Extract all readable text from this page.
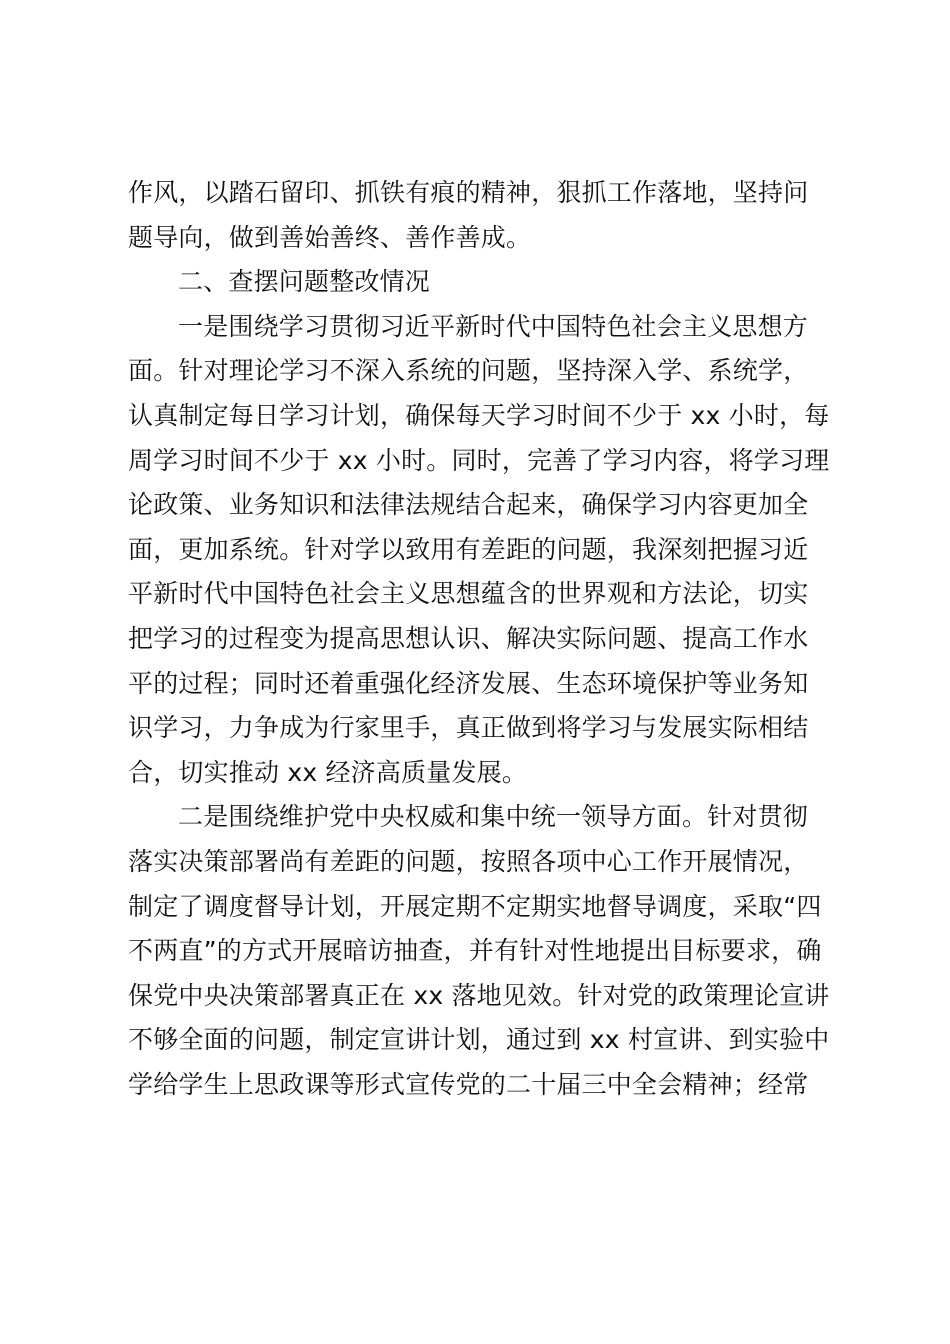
作风，以踏石留印、抓铁有痕的精神，狠抓工作落地，坚持问
题导向，做到善始善终、善作善成。
二、查摆问题整改情况
一是围绕学习贯彻习近平新时代中国特色社会主义思想方
面。针对理论学习不深入系统的问题，坚持深入学、系统学，
认真制定每日学习计划，确保每天学习时间不少于 xx 小时，每
周学习时间不少于 xx 小时。同时，完善了学习内容，将学习理
论政策、业务知识和法律法规结合起来，确保学习内容更加全
面，更加系统。针对学以致用有差距的问题，我深刻把握习近
平新时代中国特色社会主义思想蕴含的世界观和方法论，切实
把学习的过程变为提高思想认识、解决实际问题、提高工作水
平的过程；同时还着重强化经济发展、生态环境保护等业务知
识学习，力争成为行家里手，真正做到将学习与发展实际相结
合，切实推动 xx 经济高质量发展。
二是围绕维护党中央权威和集中统一领导方面。针对贯彻
落实决策部署尚有差距的问题，按照各项中心工作开展情况，
制定了调度督导计划，开展定期不定期实地督导调度，采取“四
不两直”的方式开展暗访抽查，并有针对性地提出目标要求，确
保党中央决策部署真正在 xx 落地见效。针对党的政策理论宣讲
不够全面的问题，制定宣讲计划，通过到 xx 村宣讲、到实验中
学给学生上思政课等形式宣传党的二十届三中全会精神；经常
